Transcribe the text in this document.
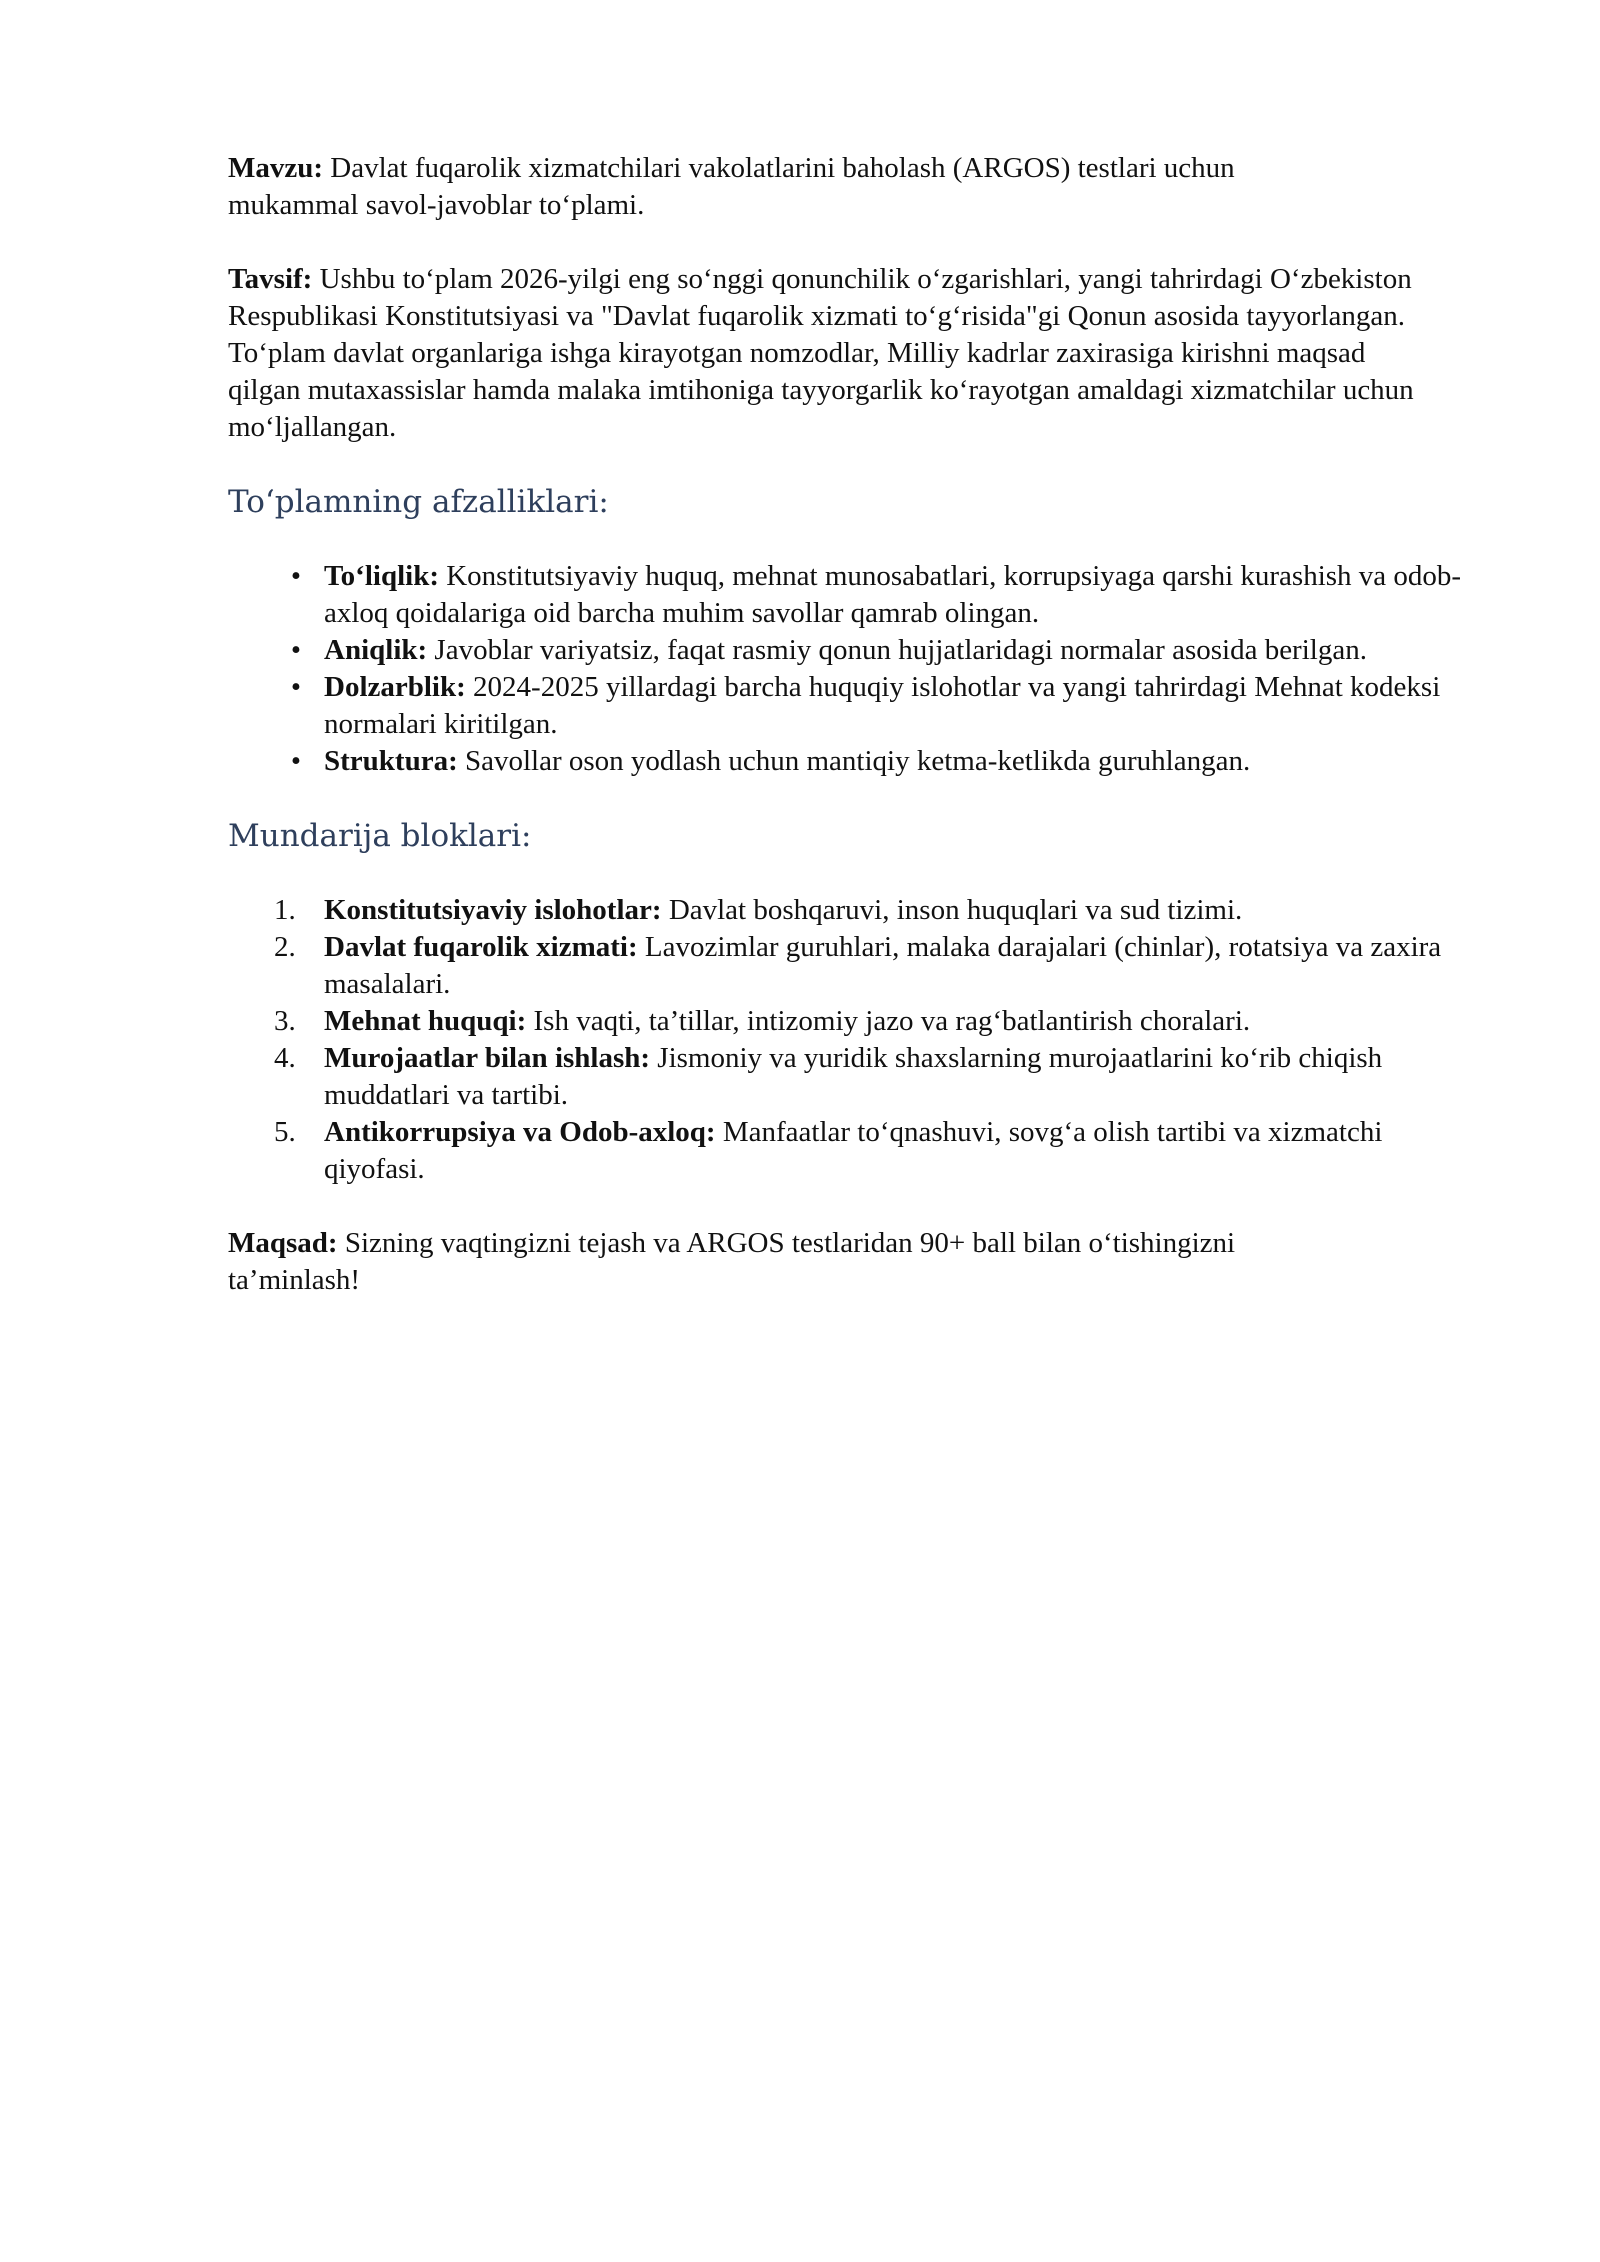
Mavzu: Davlat fuqarolik xizmatchilari vakolatlarini baholash (ARGOS) testlari uchun mukammal savol-javoblar to‘plami.

Tavsif: Ushbu to‘plam 2026-yilgi eng so‘nggi qonunchilik o‘zgarishlari, yangi tahrirdagi O‘zbekiston Respublikasi Konstitutsiyasi va "Davlat fuqarolik xizmati to‘g‘risida"gi Qonun asosida tayyorlangan. To‘plam davlat organlariga ishga kirayotgan nomzodlar, Milliy kadrlar zaxirasiga kirishni maqsad qilgan mutaxassislar hamda malaka imtihoniga tayyorgarlik ko‘rayotgan amaldagi xizmatchilar uchun mo‘ljallangan.

To‘plamning afzalliklari:
• To‘liqlik: Konstitutsiyaviy huquq, mehnat munosabatlari, korrupsiyaga qarshi kurashish va odob-axloq qoidalariga oid barcha muhim savollar qamrab olingan.
• Aniqlik: Javoblar variyatsiz, faqat rasmiy qonun hujjatlaridagi normalar asosida berilgan.
• Dolzarblik: 2024-2025 yillardagi barcha huquqiy islohotlar va yangi tahrirdagi Mehnat kodeksi normalari kiritilgan.
• Struktura: Savollar oson yodlash uchun mantiqiy ketma-ketlikda guruhlangan.
Mundarija bloklari:
1. Konstitutsiyaviy islohotlar: Davlat boshqaruvi, inson huquqlari va sud tizimi.
2. Davlat fuqarolik xizmati: Lavozimlar guruhlari, malaka darajalari (chinlar), rotatsiya va zaxira masalalari.
3. Mehnat huquqi: Ish vaqti, ta’tillar, intizomiy jazo va rag‘batlantirish choralari.
4. Murojaatlar bilan ishlash: Jismoniy va yuridik shaxslarning murojaatlarini ko‘rib chiqish muddatlari va tartibi.
5. Antikorrupsiya va Odob-axloq: Manfaatlar to‘qnashuvi, sovg‘a olish tartibi va xizmatchi qiyofasi.

Maqsad: Sizning vaqtingizni tejash va ARGOS testlaridan 90+ ball bilan o‘tishingizni ta’minlash!
